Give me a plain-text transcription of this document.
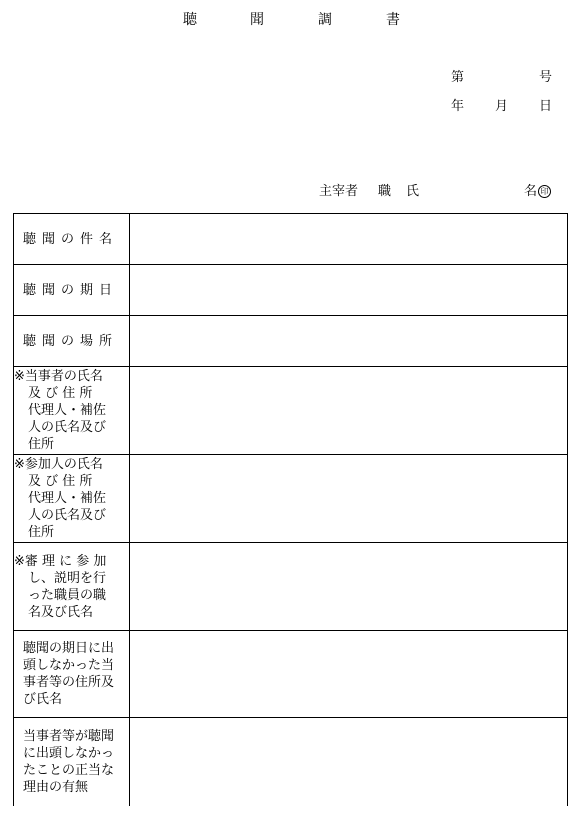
聴	聞	調	書
第	号
年 月 日
主宰者 職 氏	名 印
聴聞の件名	

聴聞の期日	

聴聞の場所	

※当事者の氏名
及 び 住 所
代理人・補佐
人の氏名及び
住所	

※参加人の氏名
及 び 住 所
代理人・補佐
人の氏名及び
住所	

※審 理 に 参 加
し、説明を行
った職員の職
名及び氏名	

聴聞の期日に出
頭しなかった当
事者等の住所及
び氏名	

当事者等が聴聞
に出頭しなかっ
たことの正当な
理由の有無	
